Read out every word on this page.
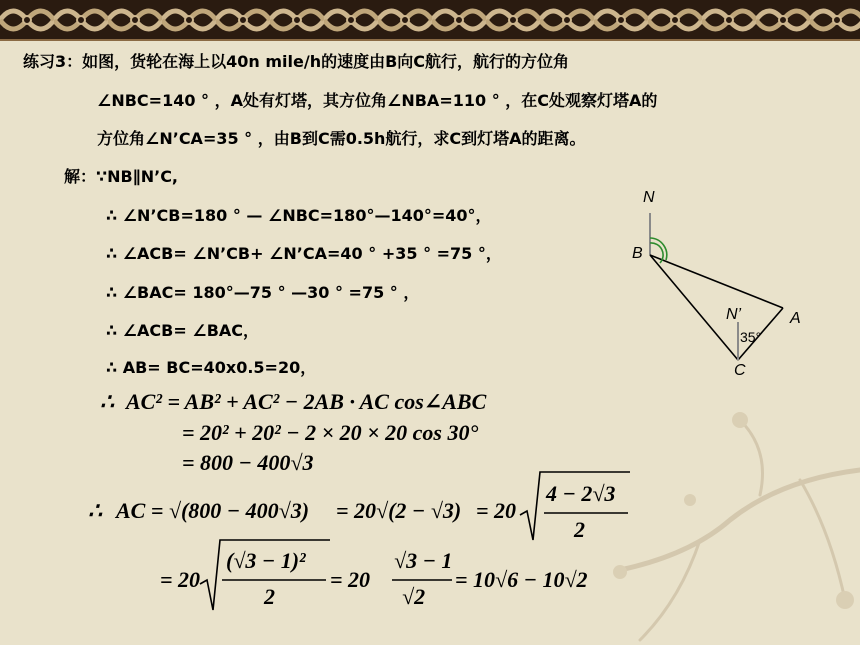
练习3：如图，货轮在海上以40n mile/h的速度由B向C航行，航行的方位角
∠NBC=140 ° ，A处有灯塔，其方位角∠NBA=110 ° ，在C处观察灯塔A的
方位角∠N’CA=35 ° ，由B到C需0.5h航行，求C到灯塔A的距离。
解：∵NB∥N’C,
∴ ∠N’CB=180 ° — ∠NBC=180°—140°=40°，
∴ ∠ACB= ∠N’CB+ ∠N’CA=40 ° +35 ° =75 °，
∴ ∠BAC= 180°—75 ° —30 ° =75 ° ，
∴ ∠ACB= ∠BAC，
∴ AB= BC=40x0.5=20，
∴ AC² = AB² + AC² − 2AB · AC cos∠ABC
= 20² + 20² − 2 × 20 × 20 cos 30°
= 800 − 400√3
∴ AC = √(800 − 400√3) = 20√(2 − √3) = 20
4 − 2√3
2
= 20
(√3 − 1)²
2
= 20
√3 − 1
√2
= 10√6 − 10√2
N
B
A
N’
35°
C
